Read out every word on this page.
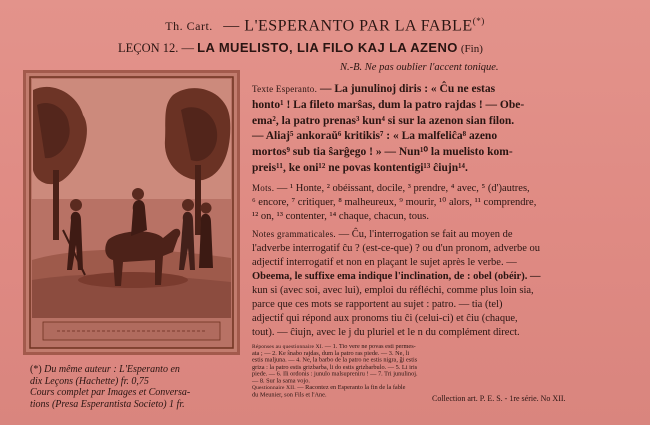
Th. Cart. — L'ESPERANTO PAR LA FABLE(*)
LEÇON 12. — LA MUELISTO, LIA FILO KAJ LA AZENO (Fin)
N.-B. Ne pas oublier l'accent tonique.
(*) Du même auteur : L'Esperanto en
dix Leçons (Hachette) fr. 0,75
Cours complet par Images et Conversa-
tions (Presa Esperantista Societo) 1 fr.
Texte Esperanto. — La junulinoj diris : « Ĉu ne estas
honto¹ ! La fileto marŝas, dum la patro rajdas ! — Obe-
ema², la patro prenas³ kun⁴ si sur la azenon sian filon.
— Aliaj⁵ ankoraŭ⁶ kritikis⁷ : « La malfeliĉa⁸ azeno
mortos⁹ sub tia ŝarĝego ! » — Nun¹⁰ la muelisto kom-
preis¹¹, ke oni¹² ne povas kontentigi¹³ ĉiujn¹⁴.
Mots. — ¹ Honte, ² obéissant, docile, ³ prendre, ⁴ avec, ⁵ (d')autres,
⁶ encore, ⁷ critiquer, ⁸ malheureux, ⁹ mourir, ¹⁰ alors, ¹¹ comprendre,
¹² on, ¹³ contenter, ¹⁴ chaque, chacun, tous.
Notes grammaticales. — Ĉu, l'interrogation se fait au moyen de
l'adverbe interrogatif ĉu ? (est-ce-que) ? ou d'un pronom, adverbe ou
adjectif interrogatif et non en plaçant le sujet après le verbe. —
Obeema, le suffixe ema indique l'inclination, de : obel (obéir). —
kun si (avec soi, avec lui), emploi du réfléchi, comme plus loin sia,
parce que ces mots se rapportent au sujet : patro. — tia (tel)
adjectif qui répond aux pronoms tiu ĉi (celui-ci) et ĉiu (chaque,
tout). — ĉiujn, avec le j du pluriel et le n du complément direct.
Réponses au questionnaire XI. — 1. Tio vere ne povas esti permes-
ata ; — 2. Ke ŝnabo rajdas, dum la patro ras piede. — 3. Ne, li
estis maljuna. — 4. Ne, la barbo de la patro ne estis nigra, ĝi estis
griza : la patro estis grizbarba, li do estis grizbarbulo. — 5. Li iris
piede. — 6. Ili ordonis : junulo malsupreniru ! — 7. Tri junulinoj.
— 8. Sur la sama vojo.
Questionnaire XII. — Racontez en Esperanto la fin de la fable
du Meunier, son Fils et l'Ane.	Collection art. P. E. S. - 1re série. No XII.
